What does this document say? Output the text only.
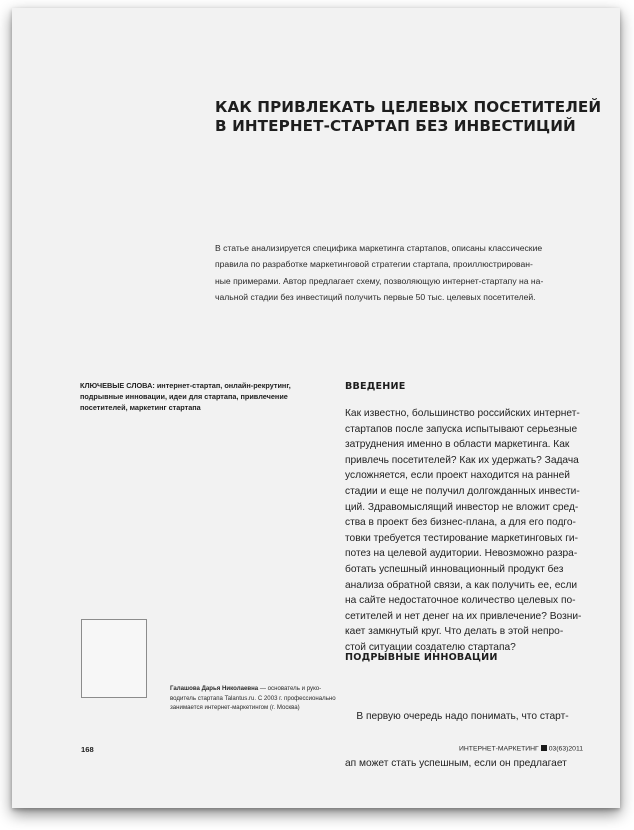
КАК ПРИВЛЕКАТЬ ЦЕЛЕВЫХ ПОСЕТИТЕЛЕЙ
В ИНТЕРНЕТ-СТАРТАП БЕЗ ИНВЕСТИЦИЙ
В статье анализируется специфика маркетинга стартапов, описаны классические
правила по разработке маркетинговой стратегии стартапа, проиллюстрирован-
ные примерами. Автор предлагает схему, позволяющую интернет-стартапу на на-
чальной стадии без инвестиций получить первые 50 тыс. целевых посетителей.
КЛЮЧЕВЫЕ СЛОВА: интернет-стартап, онлайн-рекрутинг,
подрывные инновации, идеи для стартапа, привлечение
посетителей, маркетинг стартапа
ВВЕДЕНИЕ
Как известно, большинство российских интернет-
стартапов после запуска испытывают серьезные
затруднения именно в области маркетинга. Как
привлечь посетителей? Как их удержать? Задача
усложняется, если проект находится на ранней
стадии и еще не получил долгожданных инвести-
ций. Здравомыслящий инвестор не вложит сред-
ства в проект без бизнес-плана, а для его подго-
товки требуется тестирование маркетинговых ги-
потез на целевой аудитории. Невозможно разра-
ботать успешный инновационный продукт без
анализа обратной связи, а как получить ее, если
на сайте недостаточное количество целевых по-
сетителей и нет денег на их привлечение? Возни-
кает замкнутый круг. Что делать в этой непро-
стой ситуации создателю стартапа?
ПОДРЫВНЫЕ ИННОВАЦИИ

В первую очередь надо понимать, что старт-

ап может стать успешным, если он предлагает

Галашова Дарья Николаевна — основатель и руко-
водитель стартапа Talantus.ru. С 2003 г. профессионально
занимается интернет-маркетингом (г. Москва)
168	ИНТЕРНЕТ-МАРКЕТИНГ 03(63)2011
